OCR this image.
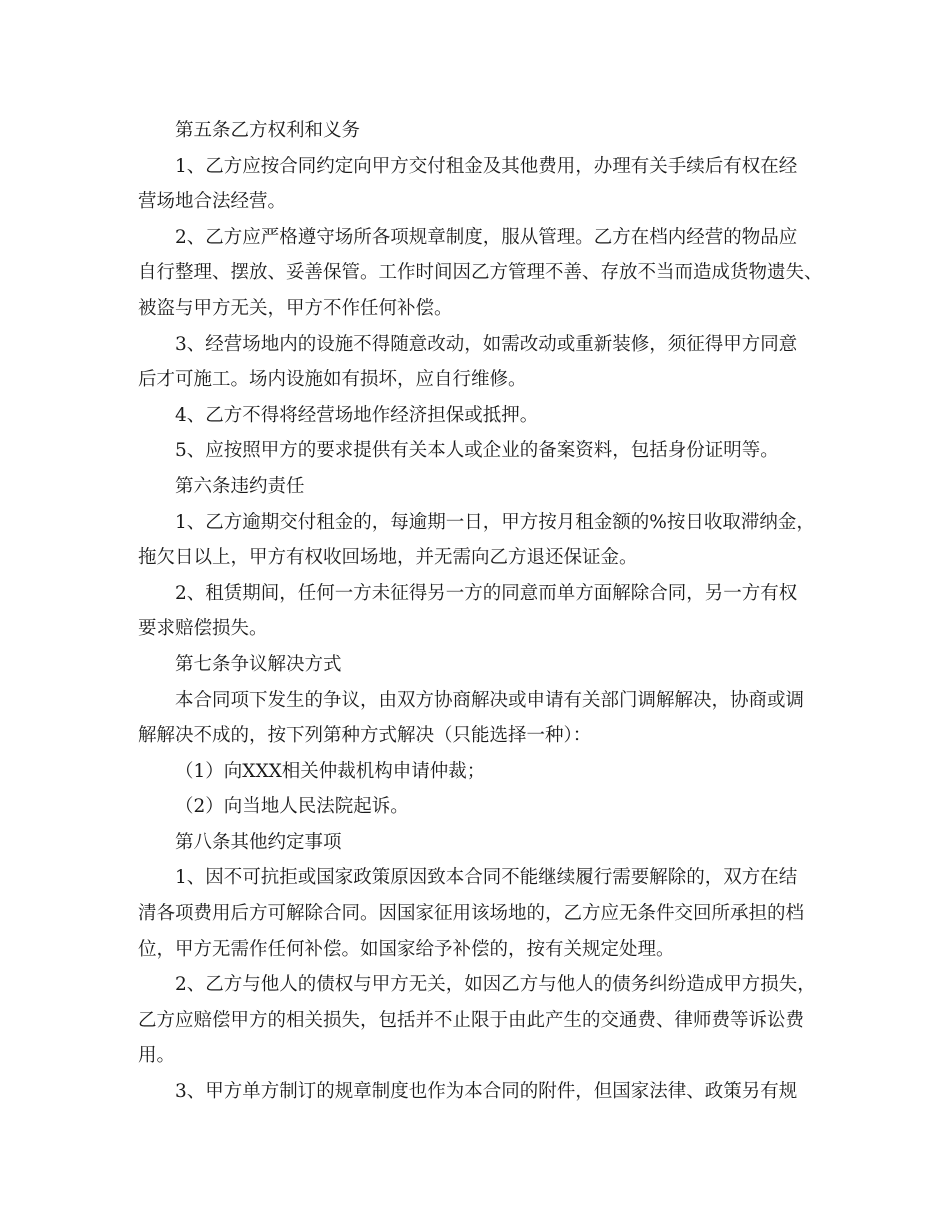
第五条乙方权利和义务
1、乙方应按合同约定向甲方交付租金及其他费用，办理有关手续后有权在经
营场地合法经营。
2、乙方应严格遵守场所各项规章制度，服从管理。乙方在档内经营的物品应
自行整理、摆放、妥善保管。工作时间因乙方管理不善、存放不当而造成货物遗失、
被盗与甲方无关，甲方不作任何补偿。
3、经营场地内的设施不得随意改动，如需改动或重新装修，须征得甲方同意
后才可施工。场内设施如有损坏，应自行维修。
4、乙方不得将经营场地作经济担保或抵押。
5、应按照甲方的要求提供有关本人或企业的备案资料，包括身份证明等。
第六条违约责任
1、乙方逾期交付租金的，每逾期一日，甲方按月租金额的%按日收取滞纳金，
拖欠日以上，甲方有权收回场地，并无需向乙方退还保证金。
2、租赁期间，任何一方未征得另一方的同意而单方面解除合同，另一方有权
要求赔偿损失。
第七条争议解决方式
本合同项下发生的争议，由双方协商解决或申请有关部门调解解决，协商或调
解解决不成的，按下列第种方式解决（只能选择一种）：
（1）向XXX相关仲裁机构申请仲裁；
（2）向当地人民法院起诉。
第八条其他约定事项
1、因不可抗拒或国家政策原因致本合同不能继续履行需要解除的，双方在结
清各项费用后方可解除合同。因国家征用该场地的，乙方应无条件交回所承担的档
位，甲方无需作任何补偿。如国家给予补偿的，按有关规定处理。
2、乙方与他人的债权与甲方无关，如因乙方与他人的债务纠纷造成甲方损失，
乙方应赔偿甲方的相关损失，包括并不止限于由此产生的交通费、律师费等诉讼费
用。
3、甲方单方制订的规章制度也作为本合同的附件，但国家法律、政策另有规
